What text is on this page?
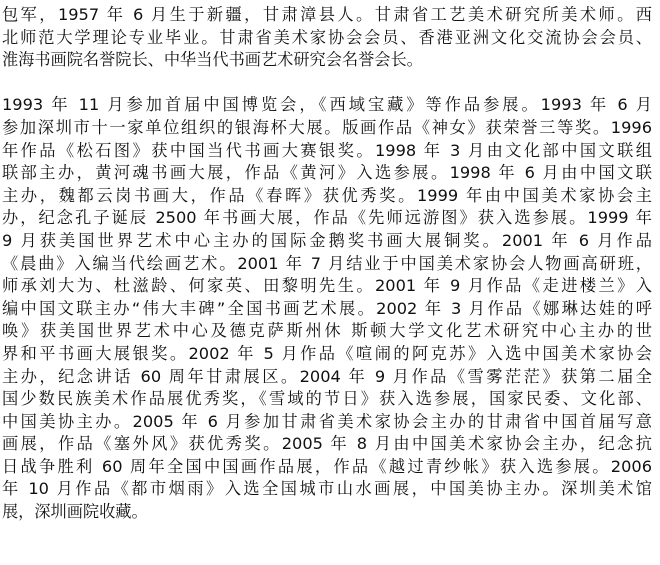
包军，1957 年 6 月生于新疆，甘肃漳县人。甘肃省工艺美术研究所美术师。西
北师范大学理论专业毕业。甘肃省美术家协会会员、香港亚洲文化交流协会会员、
淮海书画院名誉院长、中华当代书画艺术研究会名誉会长。
1993 年 11 月参加首届中国博览会，《西域宝藏》等作品参展。1993 年 6 月
参加深圳市十一家单位组织的银海杯大展。版画作品《神女》获荣誉三等奖。1996
年作品《松石图》获中国当代书画大赛银奖。1998 年 3 月由文化部中国文联组
联部主办，黄河魂书画大展，作品《黄河》入选参展。1998 年 6 月由中国文联
主办，魏都云岗书画大，作品《春晖》获优秀奖。1999 年由中国美术家协会主
办，纪念孔子诞辰 2500 年书画大展，作品《先师远游图》获入选参展。1999 年
9 月获美国世界艺术中心主办的国际金鹅奖书画大展铜奖。2001 年 6 月作品
《晨曲》入编当代绘画艺术。2001 年 7 月结业于中国美术家协会人物画高研班，
师承刘大为、杜滋龄、何家英、田黎明先生。2001 年 9 月作品《走进楼兰》入
编中国文联主办“伟大丰碑”全国书画艺术展。2002 年 3 月作品《娜琳达娃的呼
唤》获美国世界艺术中心及德克萨斯州休 斯顿大学文化艺术研究中心主办的世
界和平书画大展银奖。2002 年 5 月作品《喧闹的阿克苏》入选中国美术家协会
主办，纪念讲话 60 周年甘肃展区。2004 年 9 月作品《雪雾茫茫》获第二届全
国少数民族美术作品展优秀奖，《雪域的节日》获入选参展，国家民委、文化部、
中国美协主办。2005 年 6 月参加甘肃省美术家协会主办的甘肃省中国首届写意
画展，作品《塞外风》获优秀奖。2005 年 8 月由中国美术家协会主办，纪念抗
日战争胜利 60 周年全国中国画作品展，作品《越过青纱帐》获入选参展。2006
年 10 月作品《都市烟雨》入选全国城市山水画展，中国美协主办。深圳美术馆
展，深圳画院收藏。
